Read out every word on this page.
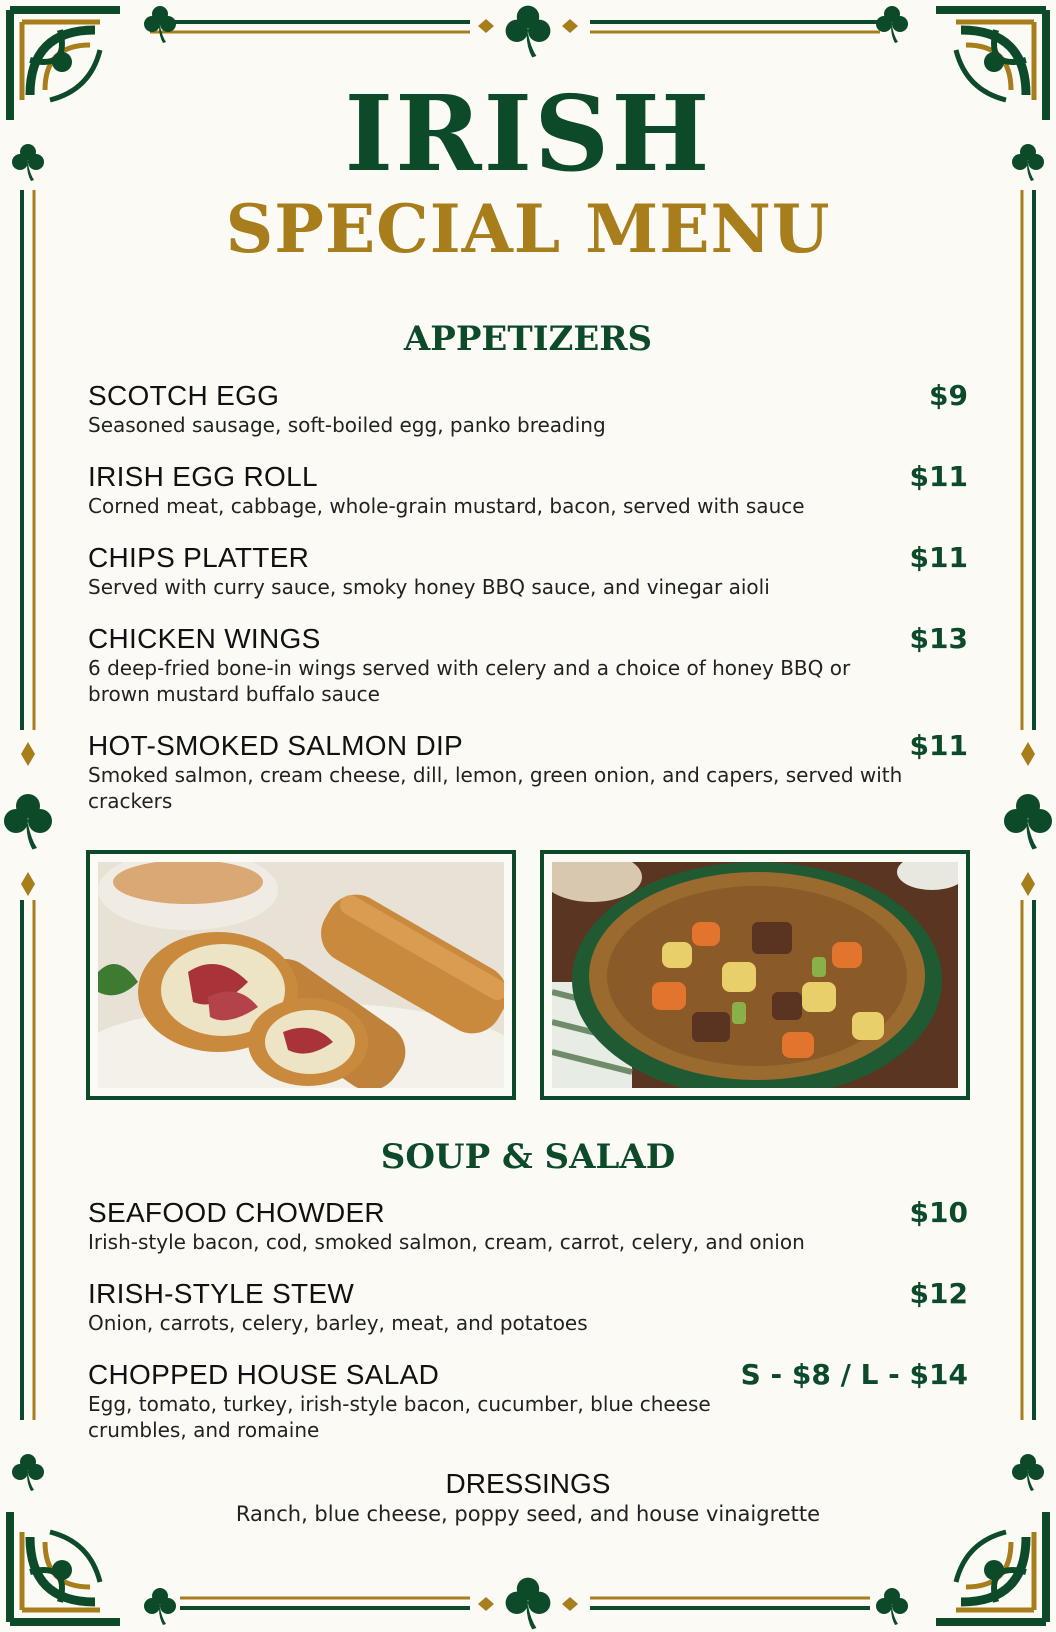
IRISH
SPECIAL MENU
APPETIZERS
SCOTCH EGG
Seasoned sausage, soft-boiled egg, panko breading
$9
IRISH EGG ROLL
Corned meat, cabbage, whole-grain mustard, bacon, served with sauce
$11
CHIPS PLATTER
Served with curry sauce, smoky honey BBQ sauce, and vinegar aioli
$11
CHICKEN WINGS
6 deep-fried bone-in wings served with celery and a choice of honey BBQ or brown mustard buffalo sauce
$13
HOT-SMOKED SALMON DIP
Smoked salmon, cream cheese, dill, lemon, green onion, and capers, served with crackers
$11
SOUP & SALAD
SEAFOOD CHOWDER
Irish-style bacon, cod, smoked salmon, cream, carrot, celery, and onion
$10
IRISH-STYLE STEW
Onion, carrots, celery, barley, meat, and potatoes
$12
CHOPPED HOUSE SALAD
Egg, tomato, turkey, irish-style bacon, cucumber, blue cheese crumbles, and romaine
S - $8 / L - $14
DRESSINGS
Ranch, blue cheese, poppy seed, and house vinaigrette
